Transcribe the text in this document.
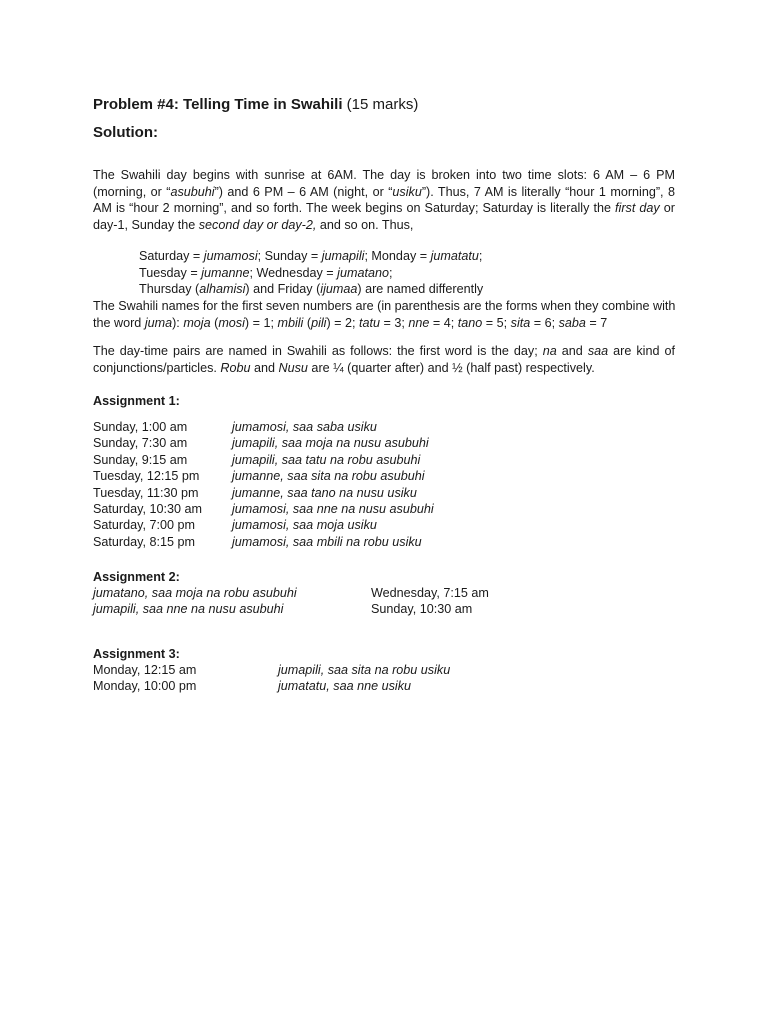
Problem #4: Telling Time in Swahili (15 marks)
Solution:
The Swahili day begins with sunrise at 6AM. The day is broken into two time slots: 6 AM – 6 PM (morning, or “asubuhi”) and 6 PM – 6 AM (night, or “usiku”). Thus, 7 AM is literally “hour 1 morning”, 8 AM is “hour 2 morning”, and so forth. The week begins on Saturday; Saturday is literally the first day or day-1, Sunday the second day or day-2, and so on. Thus,
Saturday = jumamosi; Sunday = jumapili; Monday = jumatatu;
Tuesday = jumanne; Wednesday = jumatano;
Thursday (alhamisi) and Friday (ijumaa) are named differently
The Swahili names for the first seven numbers are (in parenthesis are the forms when they combine with the word juma): moja (mosi) = 1; mbili (pili) = 2; tatu = 3; nne = 4; tano = 5; sita = 6; saba = 7
The day-time pairs are named in Swahili as follows: the first word is the day; na and saa are kind of conjunctions/particles. Robu and Nusu are ¼ (quarter after) and ½ (half past) respectively.
Assignment 1:
Sunday, 1:00 am	jumamosi, saa saba usiku
Sunday, 7:30 am	jumapili, saa moja na nusu asubuhi
Sunday, 9:15 am	jumapili, saa tatu na robu asubuhi
Tuesday, 12:15 pm	jumanne, saa sita na robu asubuhi
Tuesday, 11:30 pm	jumanne, saa tano na nusu usiku
Saturday, 10:30 am jumamosi, saa nne na nusu asubuhi
Saturday, 7:00 pm	jumamosi, saa moja usiku
Saturday, 8:15 pm	jumamosi, saa mbili na robu usiku
Assignment 2:
jumatano, saa moja na robu asubuhi	Wednesday, 7:15 am
jumapili, saa nne na nusu asubuhi	Sunday, 10:30 am
Assignment 3:
Monday, 12:15 am	jumapili, saa sita na robu usiku
Monday, 10:00 pm	jumatatu, saa nne usiku
